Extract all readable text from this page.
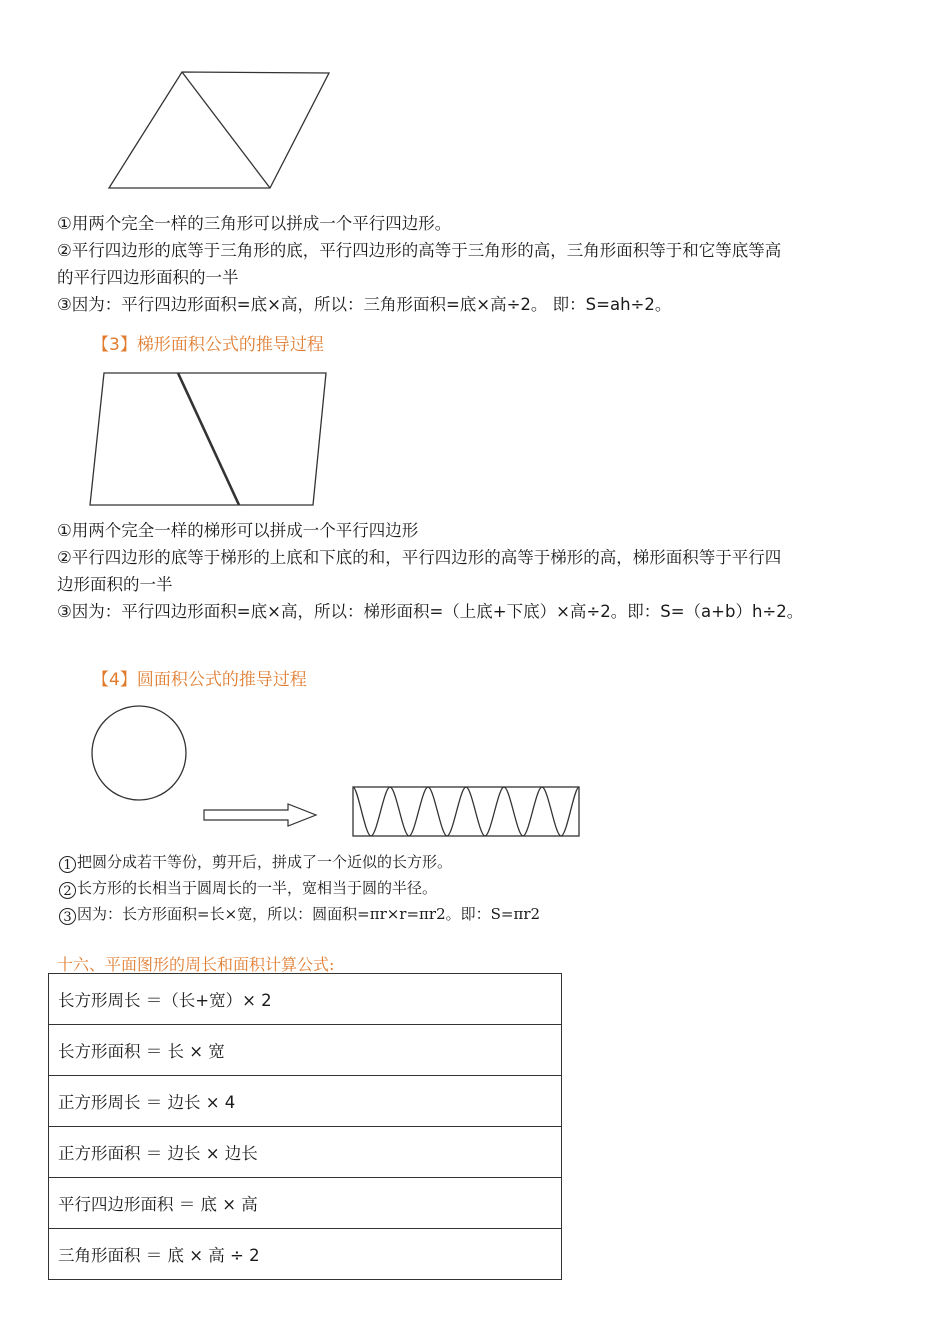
①用两个完全一样的三角形可以拼成一个平行四边形。
②平行四边形的底等于三角形的底，平行四边形的高等于三角形的高，三角形面积等于和它等底等高
的平行四边形面积的一半
③因为：平行四边形面积=底×高，所以：三角形面积=底×高÷2。 即：S=ah÷2。
【3】梯形面积公式的推导过程
①用两个完全一样的梯形可以拼成一个平行四边形
②平行四边形的底等于梯形的上底和下底的和，平行四边形的高等于梯形的高，梯形面积等于平行四
边形面积的一半
③因为：平行四边形面积=底×高，所以：梯形面积=（上底+下底）×高÷2。即：S=（a+b）h÷2。
【4】圆面积公式的推导过程
1 把圆分成若干等份，剪开后，拼成了一个近似的长方形。
2 长方形的长相当于圆周长的一半，宽相当于圆的半径。
3 因为：长方形面积=长×宽，所以：圆面积=πr×r=πr2。即：S=πr2
十六、平面图形的周长和面积计算公式:
长方形周长 ＝（长+宽）× 2
长方形面积 ＝ 长 × 宽
正方形周长 ＝ 边长 × 4
正方形面积 ＝ 边长 × 边长
平行四边形面积 ＝ 底 × 高
三角形面积 ＝ 底 × 高 ÷ 2
